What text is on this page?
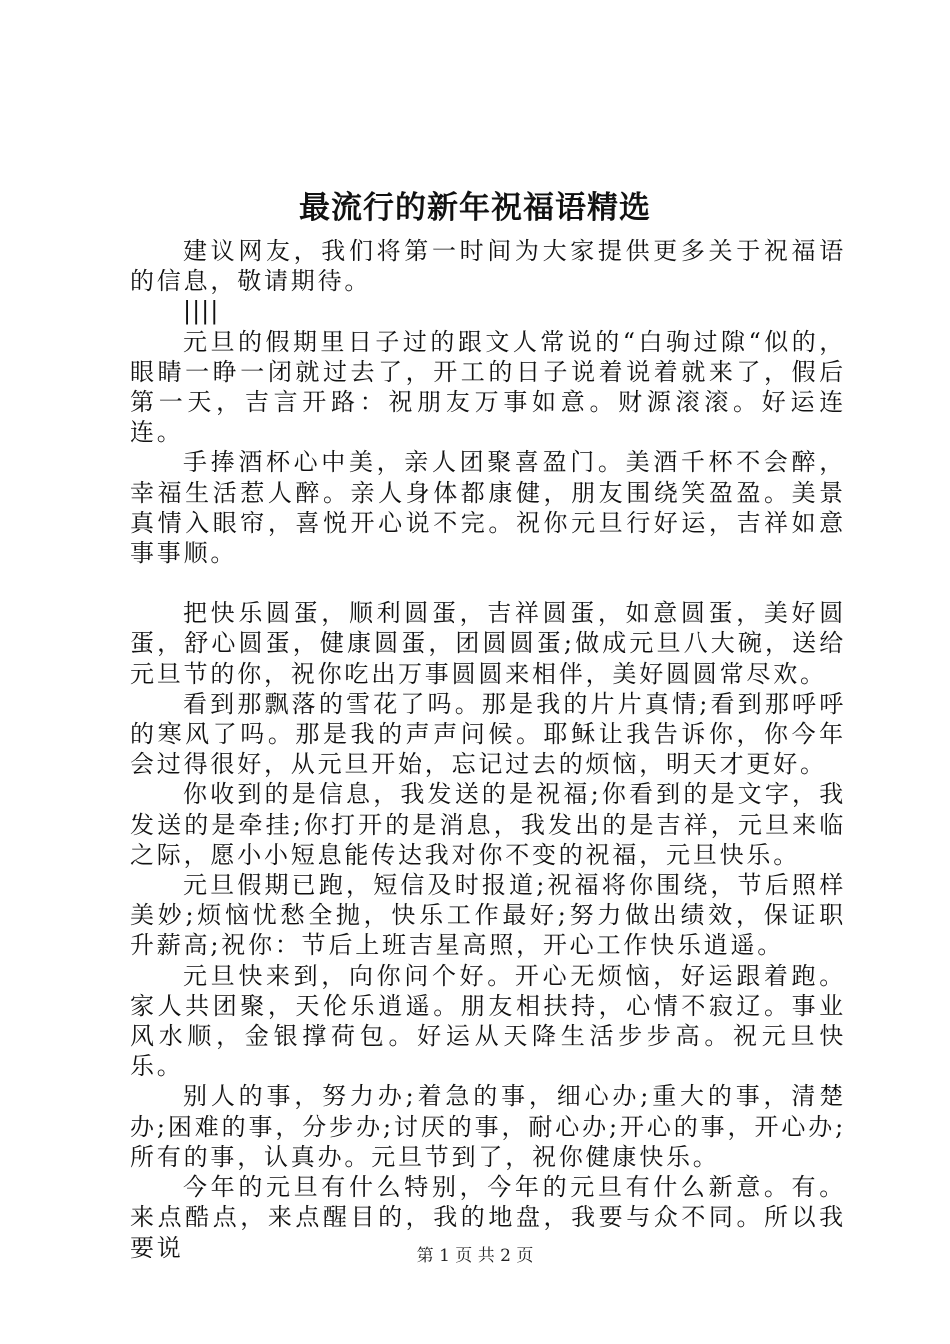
最流行的新年祝福语精选

建议网友，我们将第一时间为大家提供更多关于祝福语的信息，敬请期待。

||||

元旦的假期里日子过的跟文人常说的“白驹过隙“似的，眼睛一睁一闭就过去了，开工的日子说着说着就来了，假后第一天，吉言开路：祝朋友万事如意。财源滚滚。好运连连。

手捧酒杯心中美，亲人团聚喜盈门。美酒千杯不会醉，幸福生活惹人醉。亲人身体都康健，朋友围绕笑盈盈。美景真情入眼帘，喜悦开心说不完。祝你元旦行好运，吉祥如意事事顺。

把快乐圆蛋，顺利圆蛋，吉祥圆蛋，如意圆蛋，美好圆蛋，舒心圆蛋，健康圆蛋，团圆圆蛋;做成元旦八大碗，送给元旦节的你，祝你吃出万事圆圆来相伴，美好圆圆常尽欢。

看到那飘落的雪花了吗。那是我的片片真情;看到那呼呼的寒风了吗。那是我的声声问候。耶稣让我告诉你，你今年会过得很好，从元旦开始，忘记过去的烦恼，明天才更好。

你收到的是信息，我发送的是祝福;你看到的是文字，我发送的是牵挂;你打开的是消息，我发出的是吉祥，元旦来临之际，愿小小短息能传达我对你不变的祝福，元旦快乐。

元旦假期已跑，短信及时报道;祝福将你围绕，节后照样美妙;烦恼忧愁全抛，快乐工作最好;努力做出绩效，保证职升薪高;祝你：节后上班吉星高照，开心工作快乐逍遥。

元旦快来到，向你问个好。开心无烦恼，好运跟着跑。家人共团聚，天伦乐逍遥。朋友相扶持，心情不寂辽。事业风水顺，金银撑荷包。好运从天降生活步步高。祝元旦快乐。

别人的事，努力办;着急的事，细心办;重大的事，清楚办;困难的事，分步办;讨厌的事，耐心办;开心的事，开心办;所有的事，认真办。元旦节到了，祝你健康快乐。

今年的元旦有什么特别，今年的元旦有什么新意。有。来点酷点，来点醒目的，我的地盘，我要与众不同。所以我要说	第 1 页 共 2 页
